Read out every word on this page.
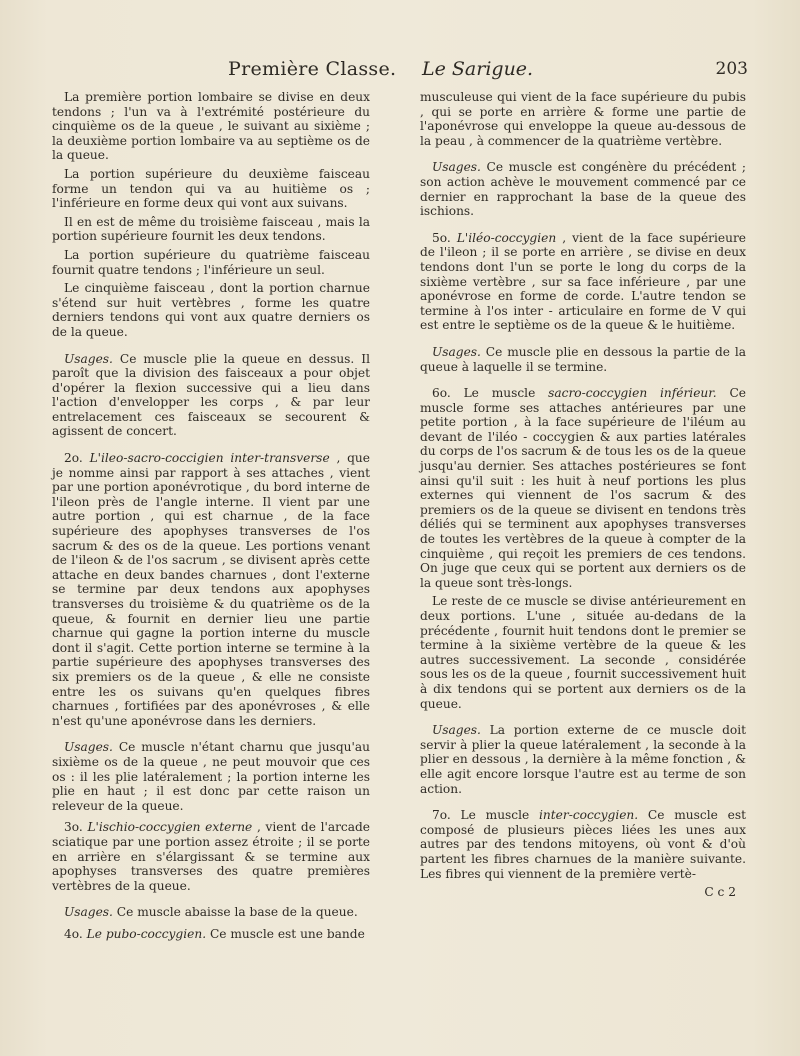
Première Classe. Le Sarigue.	203

La première portion lombaire se divise en deux tendons ; l'un va à l'extrémité postérieure du cinquième os de la queue , le suivant au sixième ; la deuxième portion lombaire va au septième os de la queue.

La portion supérieure du deuxième faisceau forme un tendon qui va au huitième os ; l'inférieure en forme deux qui vont aux suivans.

Il en est de même du troisième faisceau , mais la portion supérieure fournit les deux tendons.

La portion supérieure du quatrième faisceau fournit quatre tendons ; l'inférieure un seul.

Le cinquième faisceau , dont la portion charnue s'étend sur huit vertèbres , forme les quatre derniers tendons qui vont aux quatre derniers os de la queue.

Usages. Ce muscle plie la queue en dessus. Il paroît que la division des faisceaux a pour objet d'opérer la flexion successive qui a lieu dans l'action d'envelopper les corps , & par leur entrelacement ces faisceaux se secourent & agissent de concert.

2o. L'ileo-sacro-coccigien inter-transverse , que je nomme ainsi par rapport à ses attaches , vient par une portion aponévrotique , du bord interne de l'ileon près de l'angle interne. Il vient par une autre portion , qui est charnue , de la face supérieure des apophyses transverses de l'os sacrum & des os de la queue. Les portions venant de l'ileon & de l'os sacrum , se divisent après cette attache en deux bandes charnues , dont l'externe se termine par deux tendons aux apophyses transverses du troisième & du quatrième os de la queue, & fournit en dernier lieu une partie charnue qui gagne la portion interne du muscle dont il s'agit. Cette portion interne se termine à la partie supérieure des apophyses transverses des six premiers os de la queue , & elle ne consiste entre les os suivans qu'en quelques fibres charnues , fortifiées par des aponévroses , & elle n'est qu'une aponévrose dans les derniers.

Usages. Ce muscle n'étant charnu que jusqu'au sixième os de la queue , ne peut mouvoir que ces os : il les plie latéralement ; la portion interne les plie en haut ; il est donc par cette raison un releveur de la queue.

3o. L'ischio-coccygien externe , vient de l'arcade sciatique par une portion assez étroite ; il se porte en arrière en s'élargissant & se termine aux apophyses transverses des quatre premières vertèbres de la queue.

Usages. Ce muscle abaisse la base de la queue.

4o. Le pubo-coccygien. Ce muscle est une bande

musculeuse qui vient de la face supérieure du pubis , qui se porte en arrière & forme une partie de l'aponévrose qui enveloppe la queue au-dessous de la peau , à commencer de la quatrième vertèbre.

Usages. Ce muscle est congénère du précédent ; son action achève le mouvement commencé par ce dernier en rapprochant la base de la queue des ischions.

5o. L'iléo-coccygien , vient de la face supérieure de l'ileon ; il se porte en arrière , se divise en deux tendons dont l'un se porte le long du corps de la sixième vertèbre , sur sa face inférieure , par une aponévrose en forme de corde. L'autre tendon se termine à l'os inter - articulaire en forme de V qui est entre le septième os de la queue & le huitième.

Usages. Ce muscle plie en dessous la partie de la queue à laquelle il se termine.

6o. Le muscle sacro-coccygien inférieur. Ce muscle forme ses attaches antérieures par une petite portion , à la face supérieure de l'iléum au devant de l'iléo - coccygien & aux parties latérales du corps de l'os sacrum & de tous les os de la queue jusqu'au dernier. Ses attaches postérieures se font ainsi qu'il suit : les huit à neuf portions les plus externes qui viennent de l'os sacrum & des premiers os de la queue se divisent en tendons très déliés qui se terminent aux apophyses transverses de toutes les vertèbres de la queue à compter de la cinquième , qui reçoit les premiers de ces tendons. On juge que ceux qui se portent aux derniers os de la queue sont très-longs.

Le reste de ce muscle se divise antérieurement en deux portions. L'une , située au-dedans de la précédente , fournit huit tendons dont le premier se termine à la sixième vertèbre de la queue & les autres successivement. La seconde , considérée sous les os de la queue , fournit successivement huit à dix tendons qui se portent aux derniers os de la queue.

Usages. La portion externe de ce muscle doit servir à plier la queue latéralement , la seconde à la plier en dessous , la dernière à la même fonction , & elle agit encore lorsque l'autre est au terme de son action.

7o. Le muscle inter-coccygien. Ce muscle est composé de plusieurs pièces liées les unes aux autres par des tendons mitoyens, où vont & d'où partent les fibres charnues de la manière suivante. Les fibres qui viennent de la première vertè-

C c 2
